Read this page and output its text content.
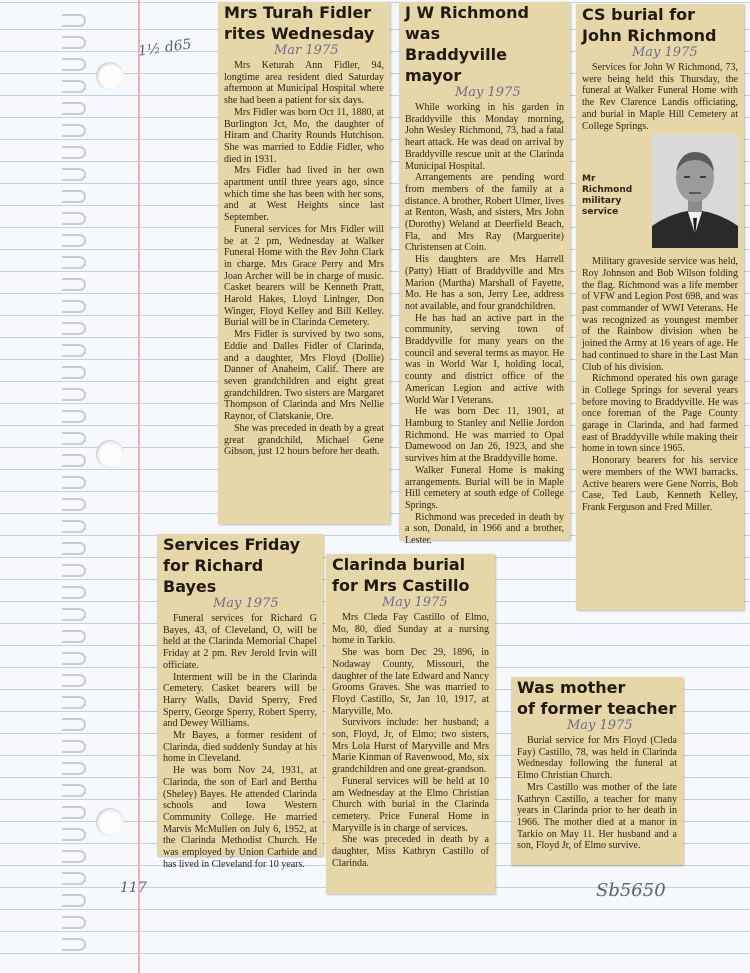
1½ d65
117	Sb5650
Mrs Turah Fidler
rites Wednesday
Mar 1975

Mrs Keturah Ann Fidler, 94, longtime area resident died Saturday afternoon at Municipal Hospital where she had been a patient for six days.

Mrs Fidler was born Oct 11, 1880, at Burlington Jct, Mo, the daughter of Hiram and Charity Rounds Hutchison. She was married to Eddie Fidler, who died in 1931.

Mrs Fidler had lived in her own apartment until three years ago, since which time she has been with her sons, and at West Heights since last September.

Funeral services for Mrs Fidler will be at 2 pm, Wednesday at Walker Funeral Home with the Rev John Clark in charge. Mrs Grace Perry and Mrs Joan Archer will be in charge of music. Casket bearers will be Kenneth Pratt, Harold Hakes, Lloyd Linlnger, Don Winger, Floyd Kelley and Bill Kelley. Burial will be in Clarinda Cemetery.

Mrs Fidler is survived by two sons, Eddie and Dalles Fidler of Clarinda, and a daughter, Mrs Floyd (Dollie) Danner of Anaheim, Calif. There are seven grandchildren and eight great grandchildren. Two sisters are Margaret Thompson of Clarinda and Mrs Nellie Raynor, of Clatskanie, Ore.

She was preceded in death by a great great grandchild, Michael Gene Gibson, just 12 hours before her death.

J W Richmond was
Braddyville mayor
May 1975

While working in his garden in Braddyville this Monday morning, John Wesley Richmond, 73, had a fatal heart attack. He was dead on arrival by Braddyville rescue unit at the Clarinda Municipal Hospital.

Arrangements are pending word from members of the family at a distance. A brother, Robert Ulmer, lives at Renton, Wash, and sisters, Mrs John (Dorothy) Weland at Deerfield Beach, Fla, and Mrs Ray (Marguerite) Christensen at Coin.

His daughters are Mrs Harrell (Patty) Hiatt of Braddyville and Mrs Marion (Martha) Marshall of Fayette, Mo. He has a son, Jerry Lee, address not available, and four grandchildren.

He has had an active part in the community, serving town of Braddyville for many years on the council and several terms as mayor. He was in World War I, holding local, county and district office of the American Legion and active with World War I Veterans.

He was born Dec 11, 1901, at Hamburg to Stanley and Nellie Jordon Richmond. He was married to Opal Damewood on Jan 26, 1923, and she survives him at the Braddyville home.

Walker Funeral Home is making arrangements. Burial will be in Maple Hill cemetery at south edge of College Springs.

Richmond was preceded in death by a son, Donald, in 1966 and a brother, Lester.

CS burial for
John Richmond
May 1975

Services for John W Richmond, 73, were being held this Thursday, the funeral at Walker Funeral Home with the Rev Clarence Landis officiating, and burial in Maple Hill Cemetery at College Springs.

Mr Richmond military service

Military graveside service was held, Roy Johnson and Bob Wilson folding the flag. Richmond was a life member of VFW and Legion Post 698, and was past commander of WWI Veterans. He was recognized as youngest member of the Rainbow division when he joined the Army at 16 years of age. He had continued to share in the Last Man Club of his division.

Richmond operated his own garage in College Springs for several years before moving to Braddyville. He was once foreman of the Page County garage in Clarinda, and had farmed east of Braddyville while making their home in town since 1965.

Honorary bearers for his service were members of the WWI barracks. Active bearers were Gene Norris, Bob Case, Ted Laub, Kenneth Kelley, Frank Ferguson and Fred Miller.

Services Friday
for Richard Bayes
May 1975

Funeral services for Richard G Bayes, 43, of Cleveland, O, will be held at the Clarinda Memorial Chapel Friday at 2 pm. Rev Jerold Irvin will officiate.

Interment will be in the Clarinda Cemetery. Casket bearers will be Harry Walls, David Sperry, Fred Sperry, George Sperry, Robert Sperry, and Dewey Williams.

Mr Bayes, a former resident of Clarinda, died suddenly Sunday at his home in Cleveland.

He was born Nov 24, 1931, at Clarinda, the son of Earl and Bertha (Sheley) Bayes. He attended Clarinda schools and Iowa Western Community College. He married Marvis McMullen on July 6, 1952, at the Clarinda Methodist Church. He was employed by Union Carbide and has lived in Cleveland for 10 years.

Clarinda burial
for Mrs Castillo
May 1975

Mrs Cleda Fay Castillo of Elmo, Mo, 80, died Sunday at a nursing home in Tarkio.

She was born Dec 29, 1896, in Nodaway County, Missouri, the daughter of the late Edward and Nancy Grooms Graves. She was married to Floyd Castillo, Sr, Jan 10, 1917, at Maryville, Mo.

Survivors include: her husband; a son, Floyd, Jr, of Elmo; two sisters, Mrs Lola Hurst of Maryville and Mrs Marie Kinman of Ravenwood, Mo, six grandchildren and one great-grandson.

Funeral services will be held at 10 am Wednesday at the Elmo Christian Church with burial in the Clarinda cemetery. Price Funeral Home in Maryville is in charge of services.

She was preceded in death by a daughter, Miss Kathryn Castillo of Clarinda.

Was mother
of former teacher
May 1975

Burial service for Mrs Floyd (Cleda Fay) Castillo, 78, was held in Clarinda Wednesday following the funeral at Elmo Christian Church.

Mrs Castillo was mother of the late Kathryn Castillo, a teacher for many years in Clarinda prior to her death in 1966. The mother died at a manor in Tarkio on May 11. Her husband and a son, Floyd Jr, of Elmo survive.
